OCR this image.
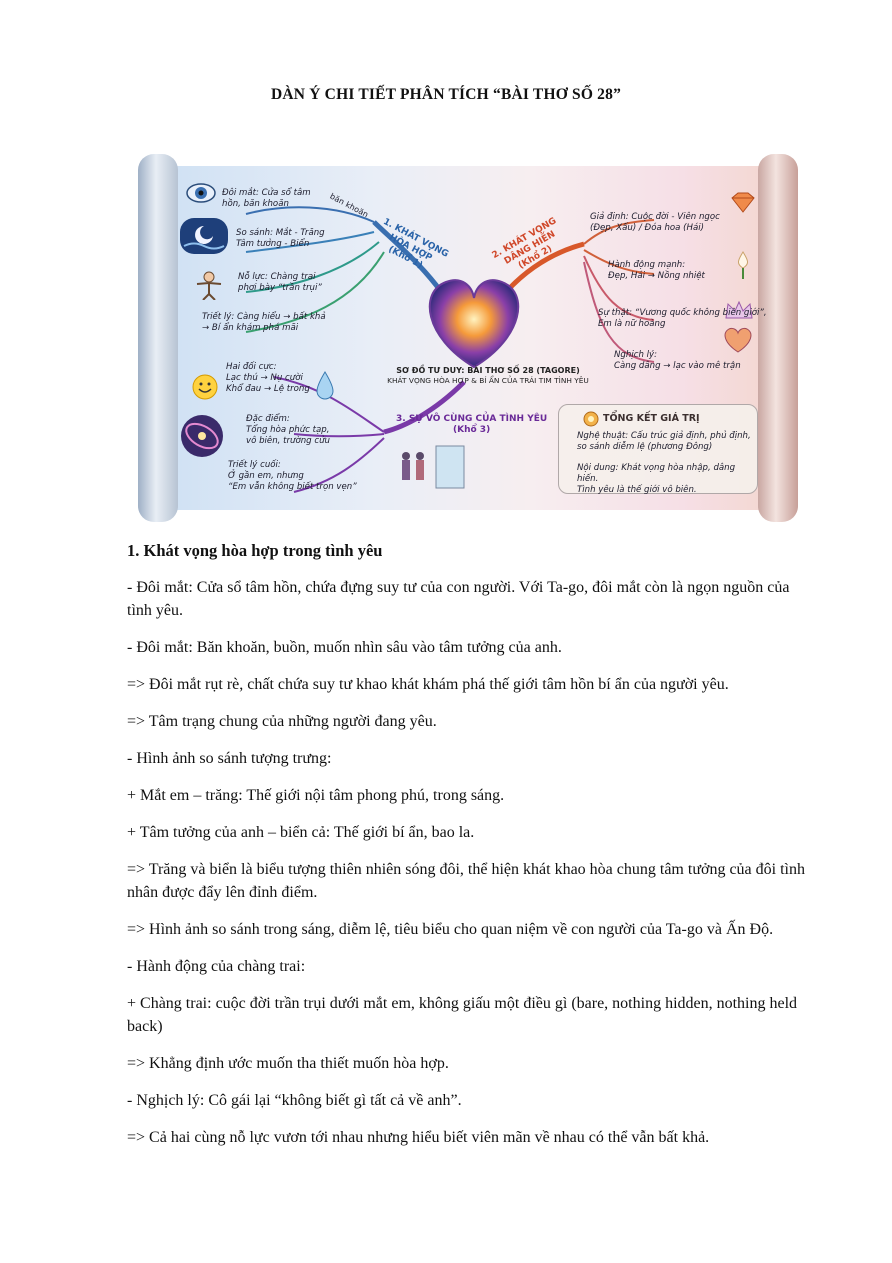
DÀN Ý CHI TIẾT PHÂN TÍCH “BÀI THƠ SỐ 28”
Đôi mắt: Cửa sổ tâm
hồn, băn khoăn	băn khoăn
So sánh: Mắt - Trăng
Tâm tưởng - Biển
Nỗ lực: Chàng trai
phơi bày “trần trụi”
Triết lý: Càng hiểu → bất khả
→ Bí ẩn khám phá mãi
1. KHÁT VỌNG
HÒA HỢP
(Khổ 1)	2. KHÁT VỌNG
DÂNG HIẾN
(Khổ 2)
3. SỰ VÔ CÙNG CỦA TÌNH YÊU
(Khổ 3)
SƠ ĐỒ TƯ DUY: BÀI THƠ SỐ 28 (TAGORE)
KHÁT VỌNG HÒA HỢP & BÍ ẨN CỦA TRÁI TIM TÌNH YÊU
Hai đối cực:
Lạc thú → Nụ cười
Khổ đau → Lệ trong
Đặc điểm:
Tổng hòa phức tạp,
vô biên, trường cửu
Triết lý cuối:
Ở gần em, nhưng
“Em vẫn không biết trọn vẹn”
Giả định: Cuộc đời - Viên ngọc
(Đẹp, Xấu) / Đóa hoa (Hái)
Hành động mạnh:
Đẹp, Hái → Nồng nhiệt
Sự thật: “Vương quốc không biên giới”,
Em là nữ hoàng
Nghịch lý:
Càng dâng → lạc vào mê trận
TỔNG KẾT GIÁ TRỊ
Nghệ thuật: Cấu trúc giả định, phủ định,
so sánh diễm lệ (phương Đông)
Nội dung: Khát vọng hòa nhập, dâng hiến.
Tình yêu là thế giới vô biên.
1. Khát vọng hòa hợp trong tình yêu

- Đôi mắt: Cửa sổ tâm hồn, chứa đựng suy tư của con người. Với Ta-go, đôi mắt còn là ngọn nguồn của tình yêu.

- Đôi mắt: Băn khoăn, buồn, muốn nhìn sâu vào tâm tưởng của anh.

=> Đôi mắt rụt rè, chất chứa suy tư khao khát khám phá thế giới tâm hồn bí ẩn của người yêu.

=> Tâm trạng chung của những người đang yêu.

- Hình ảnh so sánh tượng trưng:

+ Mắt em – trăng: Thế giới nội tâm phong phú, trong sáng.

+ Tâm tưởng của anh – biển cả: Thế giới bí ẩn, bao la.

=> Trăng và biển là biểu tượng thiên nhiên sóng đôi, thể hiện khát khao hòa chung tâm tưởng của đôi tình nhân được đẩy lên đỉnh điểm.

=> Hình ảnh so sánh trong sáng, diễm lệ, tiêu biểu cho quan niệm về con người của Ta-go và Ấn Độ.

- Hành động của chàng trai:

+ Chàng trai: cuộc đời trần trụi dưới mắt em, không giấu một điều gì (bare, nothing hidden, nothing held back)

=> Khẳng định ước muốn tha thiết muốn hòa hợp.

- Nghịch lý: Cô gái lại “không biết gì tất cả về anh”.

=> Cả hai cùng nỗ lực vươn tới nhau nhưng hiểu biết viên mãn về nhau có thể vẫn bất khả.
